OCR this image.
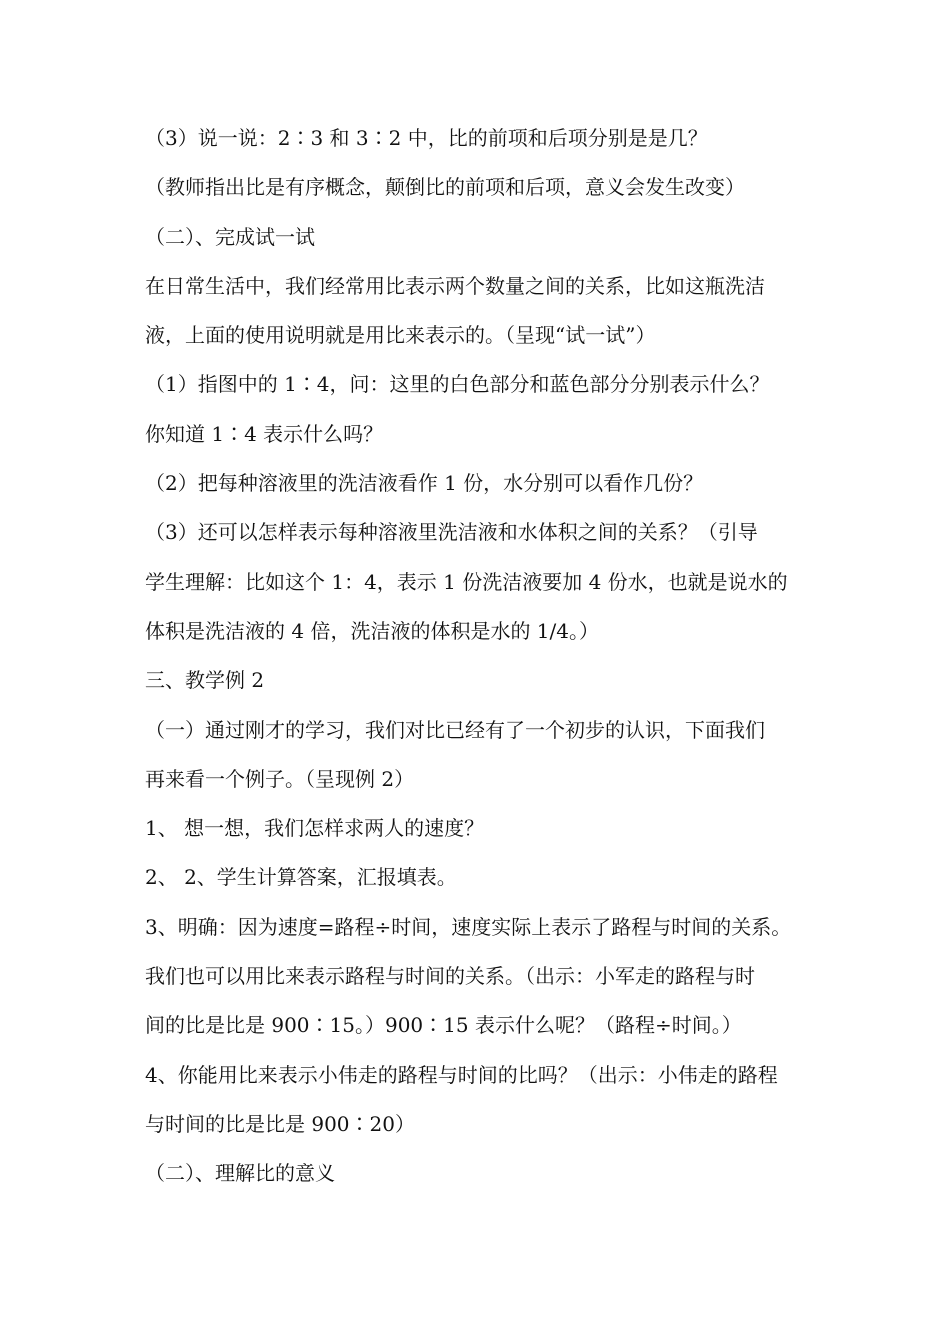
（3）说一说：2∶3 和 3∶2 中，比的前项和后项分别是是几？
（教师指出比是有序概念，颠倒比的前项和后项，意义会发生改变）
（二）、完成试一试
在日常生活中，我们经常用比表示两个数量之间的关系，比如这瓶洗洁
液，上面的使用说明就是用比来表示的。（呈现“试一试”）
（1）指图中的 1∶4，问：这里的白色部分和蓝色部分分别表示什么？
你知道 1∶4 表示什么吗？
（2）把每种溶液里的洗洁液看作 1 份，水分别可以看作几份？
（3）还可以怎样表示每种溶液里洗洁液和水体积之间的关系？（引导
学生理解：比如这个 1：4，表示 1 份洗洁液要加 4 份水，也就是说水的
体积是洗洁液的 4 倍，洗洁液的体积是水的 1/4。）
三、教学例 2
（一）通过刚才的学习，我们对比已经有了一个初步的认识，下面我们
再来看一个例子。（呈现例 2）
1、 想一想，我们怎样求两人的速度？
2、 2、学生计算答案，汇报填表。
3、明确：因为速度=路程÷时间，速度实际上表示了路程与时间的关系。
我们也可以用比来表示路程与时间的关系。（出示：小军走的路程与时
间的比是比是 900∶15。）900∶15 表示什么呢？（路程÷时间。）
4、你能用比来表示小伟走的路程与时间的比吗？（出示：小伟走的路程
与时间的比是比是 900∶20）
（二）、理解比的意义
